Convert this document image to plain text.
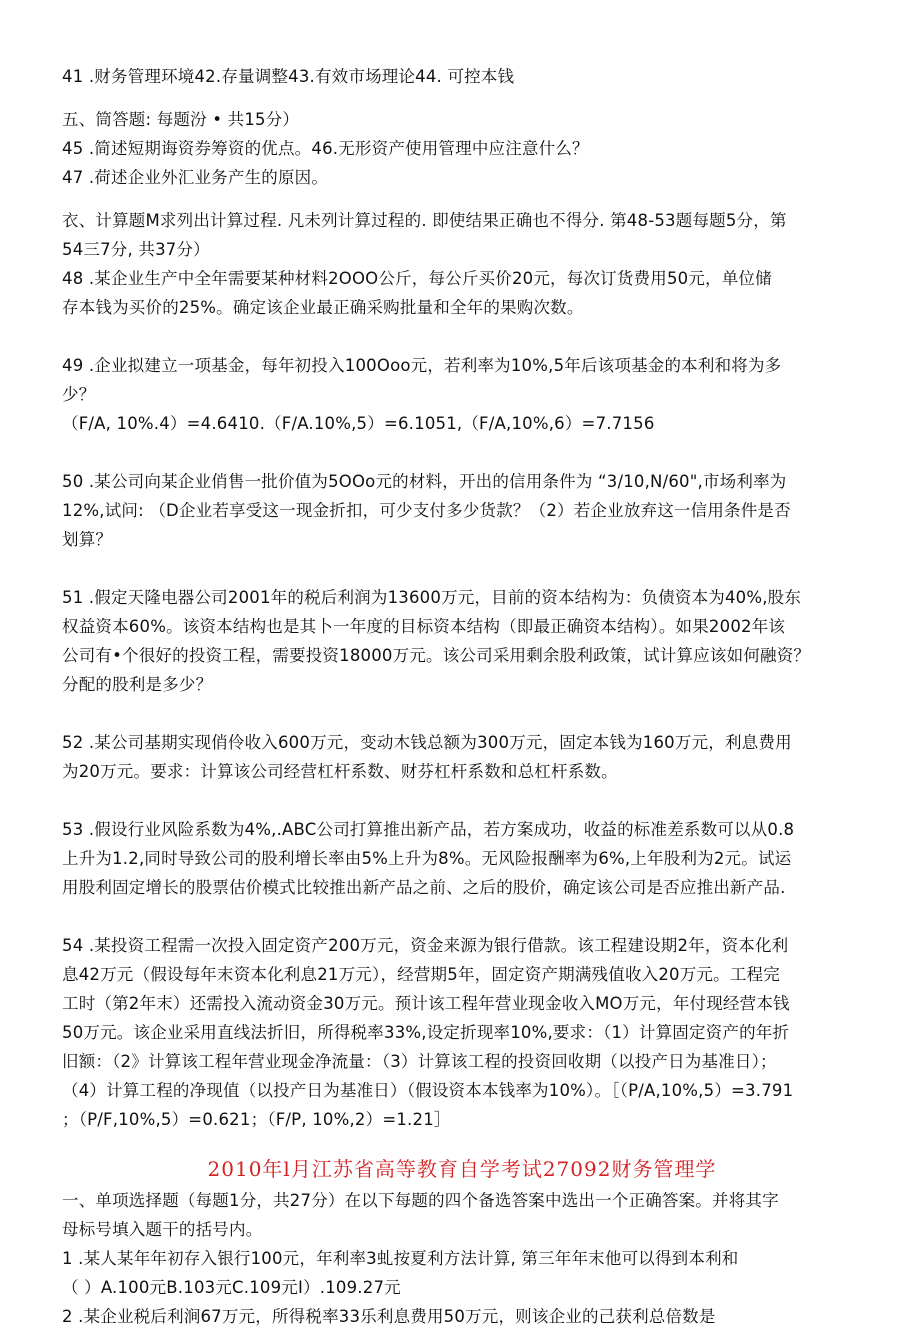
41 .财务管理环境42.存量调整43.有效市场理论44. 可控本钱
五、筒答题: 每题汾 • 共15分）
45 .简述短期诲资券筹资的优点。46.无形资产使用管理中应注意什么？
47 .荷述企业外汇业务产生的原因。
衣、计算题M求列出计算过程. 凡未列计算过程的. 即使结果正确也不得分. 第48-53题每题5分，第
54三7分, 共37分）
48 .某企业生产中全年需要某种材料2OOO公斤，每公斤买价20元，每次订货费用50元，单位储
存本钱为买价的25%。确定该企业最正确采购批量和全年的果购次数。
49 .企业拟建立一项基金，每年初投入100Ooo元，若利率为10%,5年后该项基金的本利和将为多
少？
（F/A, 10%.4）=4.6410.（F/A.10%,5）=6.1051,（F/A,10%,6）=7.7156
50 .某公司向某企业俏售一批价值为5OOo元的材料，开出的信用条件为 “3/10,N/60",市场利率为
12%,试问: （D企业若享受这一现金折扣，可少支付多少货款？（2）若企业放弃这一信用条件是否
划算？
51 .假定天隆电器公司2001年的税后利润为13600万元，目前的资本结构为：负债资本为40%,股东
权益资本60%。该资本结构也是其卜一年度的目标资本结构（即最正确资本结构）。如果2002年该
公司有•个很好的投资工程，需要投资18000万元。该公司采用剩余股利政策，试计算应该如何融资？
分配的股利是多少？
52 .某公司基期实现俏伶收入600万元，变动木钱总额为300万元，固定本钱为160万元，利息费用
为20万元。要求：计算该公司经营杠杆系数、财芬杠杆系数和总杠杆系数。
53 .假设行业风险系数为4%,.ABC公司打算推出新产品，若方案成功，收益的标准差系数可以从0.8
上升为1.2,同时导致公司的股利增长率由5%上升为8%。无风险报酬率为6%,上年股利为2元。试运
用股利固定增长的股票估价模式比较推出新产品之前、之后的股价，确定该公司是否应推出新产品.
54 .某投资工程需一次投入固定资产200万元，资金来源为银行借款。该工程建设期2年，资本化利
息42万元（假设每年末资本化利息21万元），经营期5年，固定资产期满残值收入20万元。工程完
工时（第2年末）还需投入流动资金30万元。预计该工程年营业现金收入MO万元，年付现经营本钱
50万元。该企业采用直线法折旧，所得税率33%,设定折现率10%,要求：（1）计算固定资产的年折
旧额：（2》计算该工程年营业现金净流量：（3）计算该工程的投资回收期（以投产日为基准日）；
（4）计算工程的净现值（以投产日为基准日）（假设资本本钱率为10%）。［（P/A,10%,5）=3.791
；（P/F,10%,5）=0.621；（F/P, 10%,2）=1.21］
2010年l月江苏省高等教育自学考试27092财务管理学
一、单项选择题（每题1分，共27分）在以下每题的四个备选答案中选出一个正确答案。并将其字
母标号填入题干的括号内。
1 .某人某年年初存入银行100元，年利率3虬按夏利方法计算, 第三年年末他可以得到本利和
（ ）A.100元B.103元C.109元I）.109.27元
2 .某企业税后利涧67万元，所得税率33乐利息费用50万元，则该企业的己获利总倍数是
